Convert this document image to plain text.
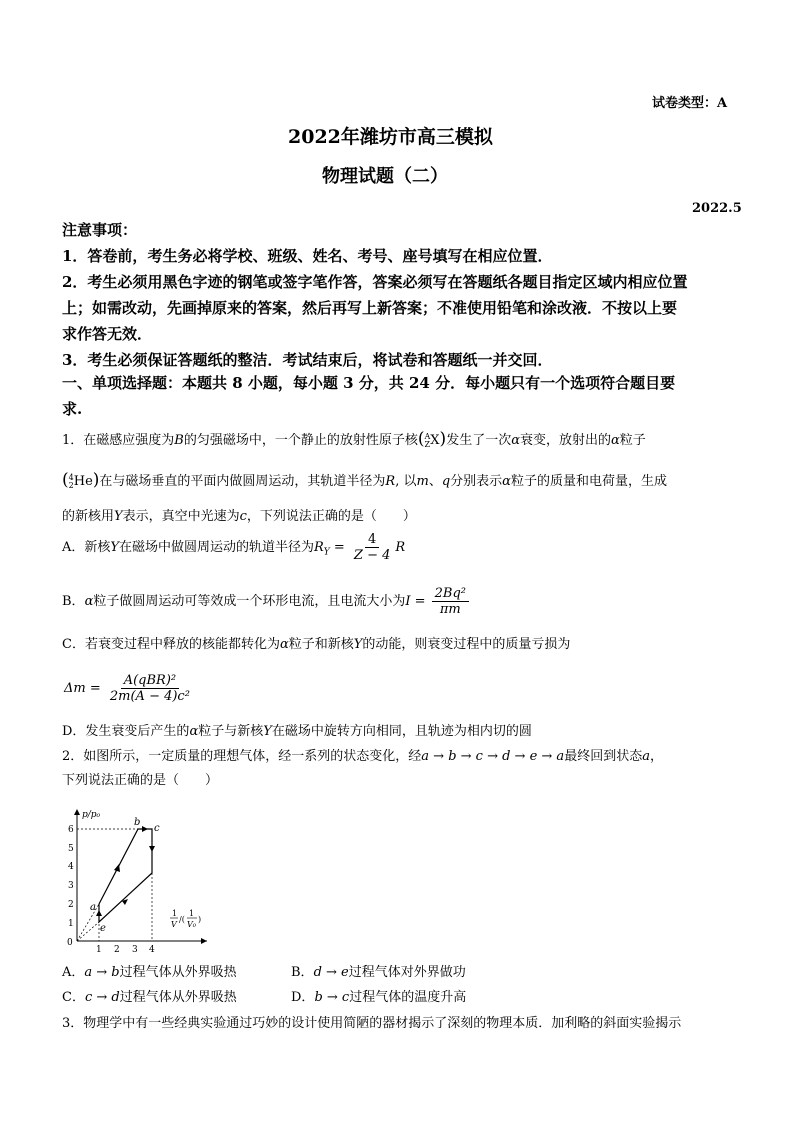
试卷类型：A
2022年潍坊市高三模拟
物理试题（二）
2022.5
注意事项：
1．答卷前，考生务必将学校、班级、姓名、考号、座号填写在相应位置．
2．考生必须用黑色字迹的钢笔或签字笔作答，答案必须写在答题纸各题目指定区域内相应位置
上；如需改动，先画掉原来的答案，然后再写上新答案；不准使用铅笔和涂改液．不按以上要
求作答无效．
3．考生必须保证答题纸的整洁．考试结束后，将试卷和答题纸一并交回．
一、单项选择题：本题共 8 小题，每小题 3 分，共 24 分．每小题只有一个选项符合题目要
求.
1．在磁感应强度为B的匀强磁场中，一个静止的放射性原子核( A
Z X)发生了一次α衰变，放射出的α粒子
( 4
2 He)在与磁场垂直的平面内做圆周运动，其轨道半径为R, 以m、q分别表示α粒子的质量和电荷量，生成
的新核用Y表示，真空中光速为c，下列说法正确的是（　　）
A．新核Y在磁场中做圆周运动的轨道半径为$R_Y = \frac{4}{Z - 4}$ R
B．α粒子做圆周运动可等效成一个环形电流，且电流大小为$I = \frac{\text{2Bq²}}{\pi m}$
C．若衰变过程中释放的核能都转化为α粒子和新核Y的动能，则衰变过程中的质量亏损为
$\Delta m = \frac{\text{A(qBR)²}}{\text{2m(A − 4)c²}}$
D．发生衰变后产生的α粒子与新核Y在磁场中旋转方向相同，且轨迹为相内切的圆
2．如图所示，一定质量的理想气体，经一系列的状态变化，经a → b → c → d → e → a最终回到状态a，
下列说法正确的是（　　）
a
b
c
e
0
1
2
3
4
5
6
1 2 3 4
p/p₀
1
V
/(
1
V₀
)
A．a → b过程气体从外界吸热	B．d → e过程气体对外界做功
C．c → d过程气体从外界吸热	D．b → c过程气体的温度升高
3．物理学中有一些经典实验通过巧妙的设计使用简陋的器材揭示了深刻的物理本质．加利略的斜面实验揭示
